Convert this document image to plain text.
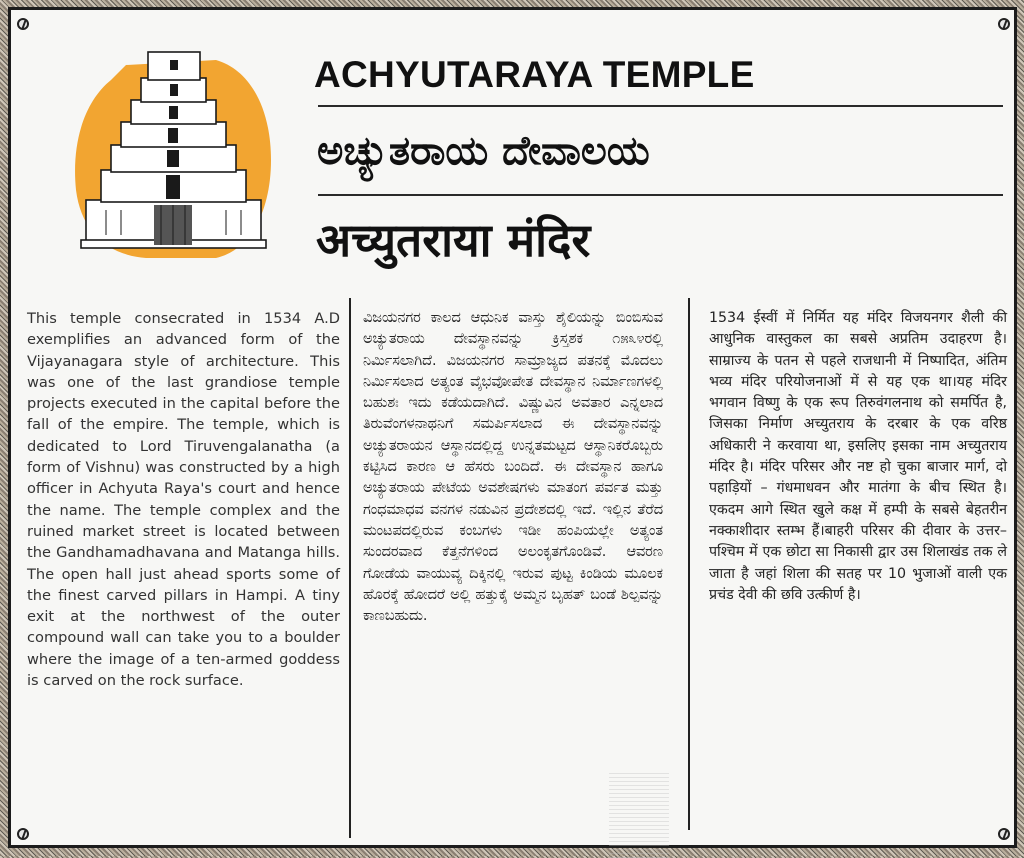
ACHYUTARAYA TEMPLE
ಅಚ್ಯುತರಾಯ ದೇವಾಲಯ
अच्युतराया मंदिर

This temple consecrated in 1534 A.D exemplifies an advanced form of the Vijayanagara style of architecture. This was one of the last grandiose temple projects executed in the capital before the fall of the empire. The temple, which is dedicated to Lord Tiruvengalanatha (a form of Vishnu) was constructed by a high officer in Achyuta Raya's court and hence the name. The temple complex and the ruined market street is located between the Gandhamadhavana and Matanga hills. The open hall just ahead sports some of the finest carved pillars in Hampi. A tiny exit at the northwest of the outer compound wall can take you to a boulder where the image of a ten-armed goddess is carved on the rock surface.

ವಿಜಯನಗರ ಕಾಲದ ಆಧುನಿಕ ವಾಸ್ತು ಶೈಲಿಯನ್ನು ಬಿಂಬಿಸುವ ಅಚ್ಯುತರಾಯ ದೇವಸ್ಥಾನವನ್ನು ಕ್ರಿಸ್ತಶಕ ೧೫೩೪ರಲ್ಲಿ ನಿರ್ಮಿಸಲಾಗಿದೆ. ವಿಜಯನಗರ ಸಾಮ್ರಾಜ್ಯದ ಪತನಕ್ಕೆ ಮೊದಲು ನಿರ್ಮಿಸಲಾದ ಅತ್ಯಂತ ವೈಭವೋಪೇತ ದೇವಸ್ಥಾನ ನಿರ್ಮಾಣಗಳಲ್ಲಿ ಬಹುಶಃ ಇದು ಕಡೆಯದಾಗಿದೆ. ವಿಷ್ಣುವಿನ ಅವತಾರ ಎನ್ನಲಾದ ತಿರುವೆಂಗಳನಾಥನಿಗೆ ಸಮರ್ಪಿಸಲಾದ ಈ ದೇವಸ್ಥಾನವನ್ನು ಅಚ್ಯುತರಾಯನ ಆಸ್ಥಾನದಲ್ಲಿದ್ದ ಉನ್ನತಮಟ್ಟದ ಆಸ್ಥಾನಿಕರೊಬ್ಬರು ಕಟ್ಟಿಸಿದ ಕಾರಣ ಆ ಹೆಸರು ಬಂದಿದೆ. ಈ ದೇವಸ್ಥಾನ ಹಾಗೂ ಅಚ್ಯುತರಾಯ ಪೇಟೆಯ ಅವಶೇಷಗಳು ಮಾತಂಗ ಪರ್ವತ ಮತ್ತು ಗಂಧಮಾಧವ ವನಗಳ ನಡುವಿನ ಪ್ರದೇಶದಲ್ಲಿ ಇದೆ. ಇಲ್ಲಿನ ತೆರೆದ ಮಂಟಪದಲ್ಲಿರುವ ಕಂಬಗಳು ಇಡೀ ಹಂಪಿಯಲ್ಲೇ ಅತ್ಯಂತ ಸುಂದರವಾದ ಕೆತ್ತನೆಗಳಿಂದ ಅಲಂಕೃತಗೊಂಡಿವೆ. ಆವರಣ ಗೋಡೆಯ ವಾಯುವ್ಯ ದಿಕ್ಕಿನಲ್ಲಿ ಇರುವ ಪುಟ್ಟ ಕಿಂಡಿಯ ಮೂಲಕ ಹೊರಕ್ಕೆ ಹೋದರೆ ಅಲ್ಲಿ ಹತ್ತುಕೈ ಅಮ್ಮನ ಬೃಹತ್ ಬಂಡೆ ಶಿಲ್ಪವನ್ನು ಕಾಣಬಹುದು.

1534 ईस्वीं में निर्मित यह मंदिर विजयनगर शैली की आधुनिक वास्तुकल का सबसे अप्रतिम उदाहरण है। साम्राज्य के पतन से पहले राजधानी में निष्पादित, अंतिम भव्य मंदिर परियोजनाओं में से यह एक था।यह मंदिर भगवान विष्णु के एक रूप तिरुवंगलनाथ को समर्पित है, जिसका निर्माण अच्युतराय के दरबार के एक वरिष्ठ अधिकारी ने करवाया था, इसलिए इसका नाम अच्युतराय मंदिर है। मंदिर परिसर और नष्ट हो चुका बाजार मार्ग, दो पहाड़ियों – गंधमाधवन और मातंगा के बीच स्थित है। एकदम आगे स्थित खुले कक्ष में हम्पी के सबसे बेहतरीन नक्काशीदार स्तम्भ हैं।बाहरी परिसर की दीवार के उत्तर–पश्चिम में एक छोटा सा निकासी द्वार उस शिलाखंड तक ले जाता है जहां शिला की सतह पर 10 भुजाओं वाली एक प्रचंड देवी की छवि उत्कीर्ण है।
